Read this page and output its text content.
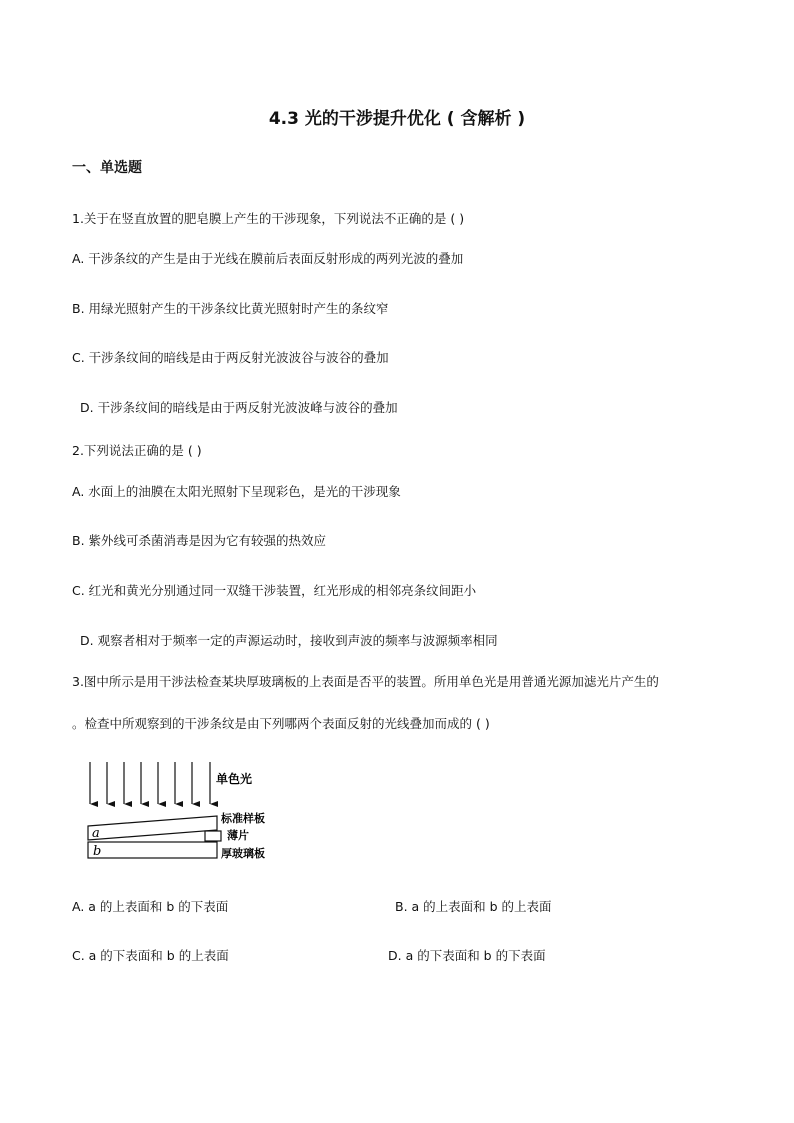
4.3 光的干涉提升优化 ( 含解析 )
一、单选题
1.关于在竖直放置的肥皂膜上产生的干涉现象，下列说法不正确的是 ( )
A. 干涉条纹的产生是由于光线在膜前后表面反射形成的两列光波的叠加
B. 用绿光照射产生的干涉条纹比黄光照射时产生的条纹窄
C. 干涉条纹间的暗线是由于两反射光波波谷与波谷的叠加
D. 干涉条纹间的暗线是由于两反射光波波峰与波谷的叠加
2.下列说法正确的是 ( )
A. 水面上的油膜在太阳光照射下呈现彩色，是光的干涉现象
B. 紫外线可杀菌消毒是因为它有较强的热效应
C. 红光和黄光分别通过同一双缝干涉装置，红光形成的相邻亮条纹间距小
D. 观察者相对于频率一定的声源运动时，接收到声波的频率与波源频率相同
3.图中所示是用干涉法检查某块厚玻璃板的上表面是否平的装置。所用单色光是用普通光源加滤光片产生的
。检查中所观察到的干涉条纹是由下列哪两个表面反射的光线叠加而成的 ( )
a
b
单色光
标准样板
薄片
厚玻璃板
A. a 的上表面和 b 的下表面	B. a 的上表面和 b 的上表面
C. a 的下表面和 b 的上表面	D. a 的下表面和 b 的下表面
